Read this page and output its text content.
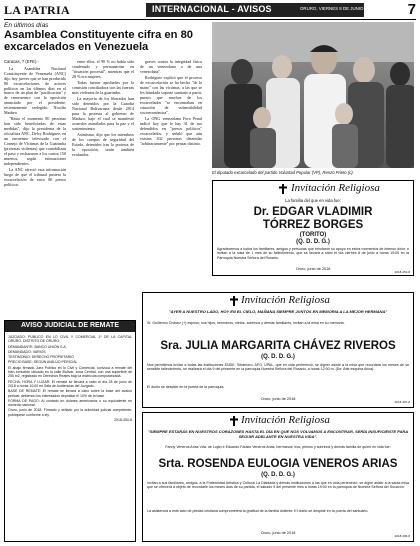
LA PATRIA	INTERNACIONAL - AVISOS	ORURO, VIERNES 8 DE JUNIO DE 2018 7
En últimos días
Asamblea Constituyente cifra en 80 excarcelados en Venezuela
Caracas, 7 (EFE).-

La Asamblea Nacional Constituyente de Venezuela (ANC) dijo hoy jueves que se han producido 80 excarcelaciones de actores políticos en los últimos días en el marco de un plan de "pacificación" y de reencuentro con la oposición anunciado por el presidente, recientemente reelegido, Nicolás Maduro.

"Hasta el momento 80 personas han sido beneficiadas de estas medidas", dijo la presidenta de la oficialista ANC, Delcy Rodríguez, en un encuentro televisado con el Consejo de Víctimas de la Guarimba (protestas violentas) que contabilizan el paso y rechazaron a los contra 150 muertos, según estimaciones independientes.

La ANC ofreció esta información luego de que el tribunal pusiera la excarcelación de estos 80 presos políticos.

entre ellos, el 90 % no había sido condenado y permanecían en "situación procesal", mientras que el 20 % era mujeres.

Todas fueron aprobadas por la comisión conciliadora con las fuerzas más violentas de la guarimba.

La mayoría de los liberados han sido detenidos por la Guardia Nacional Bolivariana desde 2014 para la protesta al gobierno de Maduro, bajo el cual se manifestó acuerdos asimilados para la paz y el sostenimiento.

Asimismo, dijo que los miembros de los cuerpos de seguridad del Estado, detenidos tras la protesta de la oposición, serán también evaluados.

graves contra la integridad física de un venezolano o de una venezolana".

Rodríguez explicó que el proceso de excarcelación se ha hecho "de la mano" con las víctimas, a las que se les brindado soporte sanitario a partir, puesto que muchos de los excarcelados "se encontraban en situación de vulnerabilidad socioeconómica".

La ONG venezolana Foro Penal indicó hoy que le hay 31 de sus defendidos en "presos políticos" excarcelados, y señaló que aún existen 302 personas detenidas "arbitrariamente" por pensar distinto.

El diputado excarcelado del partido Voluntad Popular (VP), Renzo Prieto (c).
Invitación Religiosa
La familia del que en vida fue:
Dr. EDGAR VLADIMIR
TÓRREZ BORGES
(TORITO)
(Q. D. D. G.)
Agradecemos a todos los familiares, amigos y personas que brindaron su apoyo en estos momentos de intenso dolor, e invitan a la misa de 1 mes de su fallecimiento, que se llevará a cabo el día viernes 8 de junio a horas 19:00 en la Parroquia Nuestra Señora del Rosario.
Oruro, junio de 2018
2018-452-8
Invitación Religiosa
"AYER A NUESTRO LADO, HOY EN EL CIELO, MAÑANA SIEMPRE JUNTOS EN MEMORIA A LA MEJOR HERMANA"
Sr. Guillermo Chávez (+) esposo; sus hijos, hermanos, nietos, sobrinos y demás familiares, invitan a la misa en su memoria.
Sra. JULIA MARGARITA CHÁVEZ RIVEROS
(Q. D. D. G.)
Nos permitimos invitar a todas las instituciones ENDE, Sitramoro, AFO, UPAL, que en vida perteneció, se digner asistir a la misa que recordará los meses de su sensible fallecimiento, se realizará el día 9 del presente en la parroquia Nuestra Señora del Rosario, a horas 12:00 m. (De: Atte esquina Arica).
El duelo se despide en la puerta de la parroquia.
Oruro, junio de 2018
2018-397-8
Invitación Religiosa
"SIEMPRE ESTARÁS EN NUESTROS CORAZONES HASTA EL DÍA EN QUE NOS VOLVAMOS A ENCONTRAR, SERÍA INSUFICIENTE PARA SEGUIR ADELANTE EN NUESTRA VIDA".
Fanny Veneros Arias Vda. de Luján e Eduardo Fausto Veneros Arias, hermanos; tíos, primos y sobrinos y demás familia de quien en vida fue:
Srta. ROSENDA EULOGIA VENEROS ARIAS
(Q. D. D. G.)
Invitan a sus familiares, amigos, a la Fraternidad Artística y Cultural La Diablada y demás instituciones a las que en vida perteneció, se digne asistir a la santa misa que se ofrecerá a objeto de recordarle los meses días de su partida, el sábado 9 del presente mes a horas 19:00 en la parroquia de Nuestra Señora del Socavón.
La asistencia a este acto de piedad cristiana comprometerá la gratitud de la familia doliente. El duelo se despide en la puerta del santuario.
Oruro, junio de 2018
2018-396-8
AVISO JUDICIAL DE REMATE

JUZGADO: PÚBLICO EN LO CIVIL Y COMERCIAL 1º DE LA CAPITAL ORURO, DISTRITO DE ORURO.

DEMANDANTE: BANCO UNIÓN S.A.

DEMANDADO: VARIOS

TESTIMONIO: DERECHO PROPIETARIO

PRECIO BASE: SEGÚN AVALÚO PERICIAL

El abajo firmado Juez Público en lo Civil y Comercial, convoca a remate del bien inmueble ubicado en la calle Bolívar, zona Central, con una superficie de 250 m2, registrado en Derechos Reales bajo la matrícula computarizada.

FECHA, HORA Y LUGAR: El remate se llevará a cabo el día 28 de junio de 2018 a horas 10:00 en Sala de Audiencias del Juzgado.

BASE DE REMATE: El remate se llevará a cabo sobre la base del avalúo pericial, debiendo los interesados depositar el 10% de la base.

FORMA DE PAGO: Al contado en dólares americanos o su equivalente en moneda nacional.

Oruro, junio de 2018. Firmado y sellado por la autoridad judicial competente; publíquese conforme a ley.

2018-450-8
